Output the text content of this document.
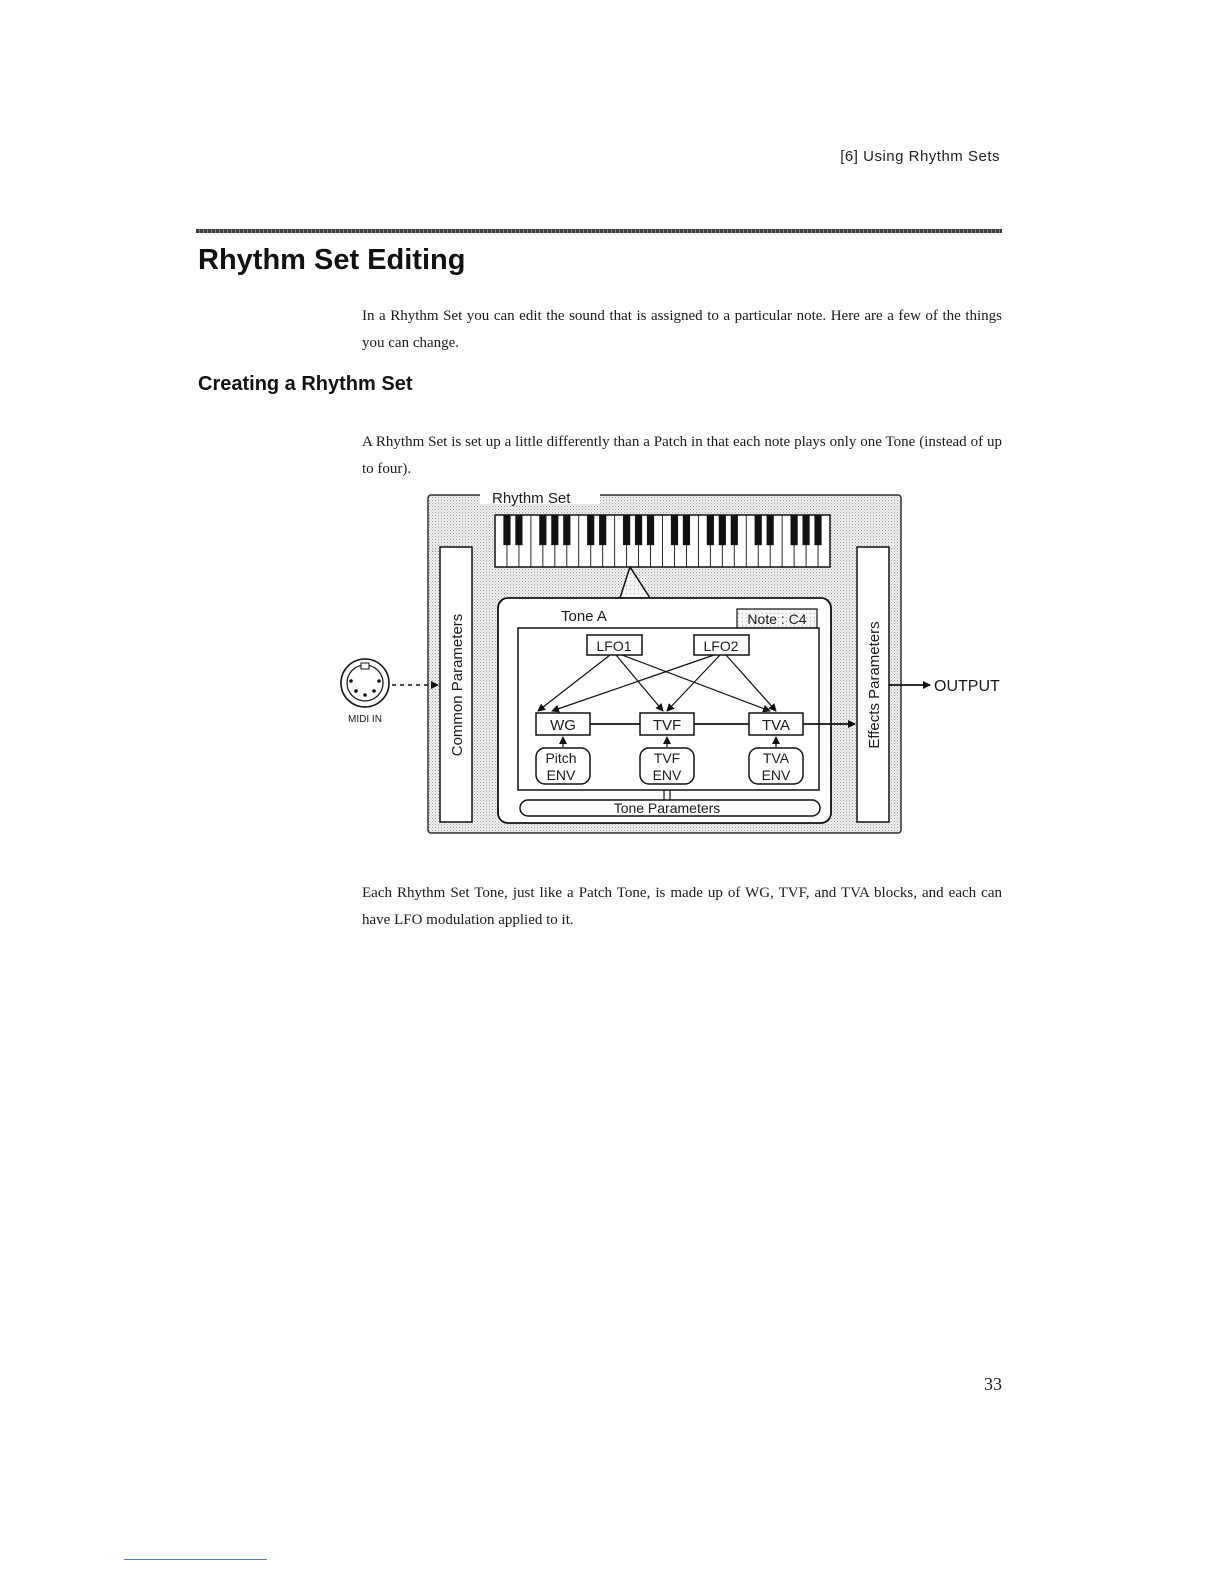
[6] Using Rhythm Sets
Rhythm Set Editing
In a Rhythm Set you can edit the sound that is assigned to a particular note. Here are a few of the things you can change.
Creating a Rhythm Set
A Rhythm Set is set up a little differently than a Patch in that each note plays only one Tone (instead of up to four).
Rhythm Set
Common Parameters	Effects Parameters
Tone A	Note : C4
LFO1	LFO2
WG	TVF	TVA
Pitch
ENV
TVF
ENV
TVA
ENV
Tone Parameters
MIDI IN
OUTPUT
Each Rhythm Set Tone, just like a Patch Tone, is made up of WG, TVF, and TVA blocks, and each can have LFO modulation applied to it.
33
